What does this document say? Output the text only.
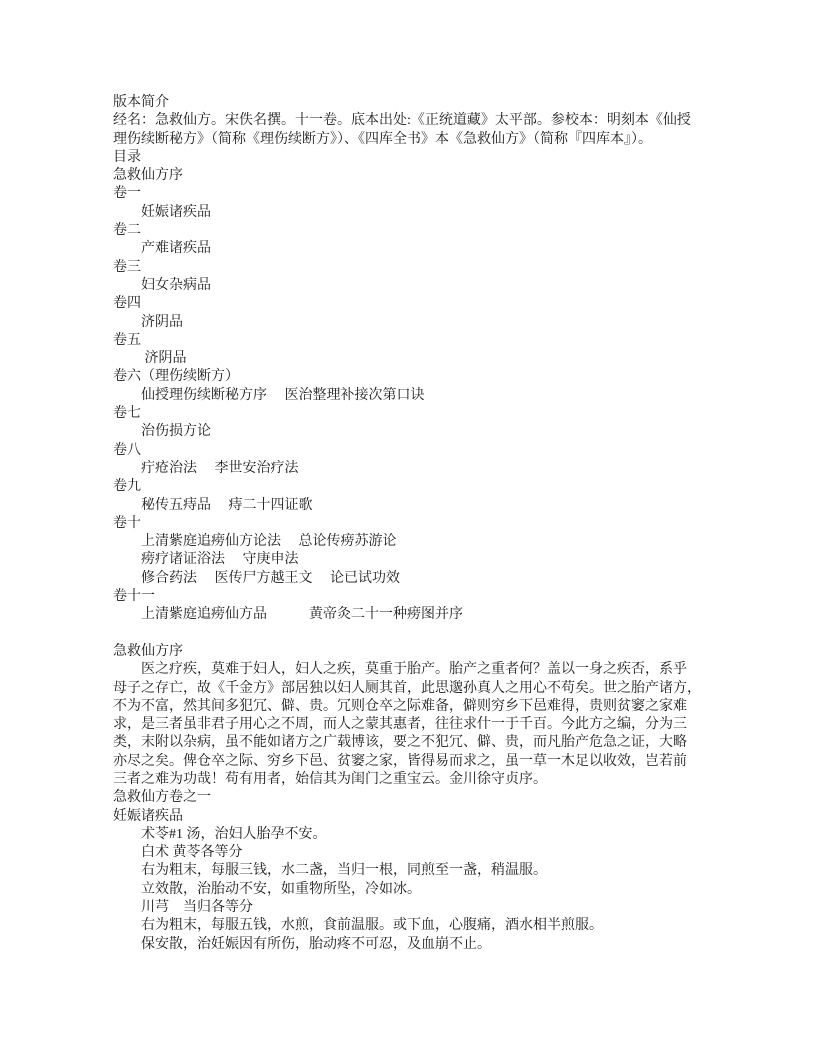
版本简介
经名：急救仙方。宋佚名撰。十一卷。底本出处:《正统道藏》太平部。参校本：明刻本《仙授
理伤续断秘方》（简称《理伤续断方》）、《四库全书》本《急救仙方》（简称『四库本』）。
目录
急救仙方序
卷一
　　妊娠诸疾品
卷二
　　产难诸疾品
卷三
　　妇女杂病品
卷四
　　济阴品
卷五
　　 济阴品
卷六（理伤续断方）
　　仙授理伤续断秘方序　 医治整理补接次第口诀
卷七
　　治伤损方论
卷八
　　疔疮治法　 李世安治疗法
卷九
　　秘传五痔品　 痔二十四证歌
卷十
　　上清紫庭追痨仙方论法　 总论传痨苏游论
　　痨疗诸证浴法　 守庚申法
　　修合药法　 医传尸方越王文　 论已试功效
卷十一
　　上清紫庭追痨仙方品　　　黄帝灸二十一种痨图并序
急救仙方序
　　医之疗疾，莫难于妇人，妇人之疾，莫重于胎产。胎产之重者何？盖以一身之疾否，系乎
母子之存亡，故《千金方》部居独以妇人厕其首，此思邈孙真人之用心不苟矣。世之胎产诸方，
不为不富，然其间多犯冗、僻、贵。冗则仓卒之际难备，僻则穷乡下邑难得，贵则贫窭之家难
求，是三者虽非君子用心之不周，而人之蒙其惠者，往往求什一于千百。今此方之编，分为三
类，末附以杂病，虽不能如诸方之广载博该，要之不犯冗、僻、贵，而凡胎产危急之证，大略
亦尽之矣。俾仓卒之际、穷乡下邑、贫窭之家，皆得易而求之，虽一草一木足以收效，岂若前
三者之难为功哉！苟有用者，始信其为闺门之重宝云。金川徐守贞序。
急救仙方卷之一
妊娠诸疾品
　　术苓#1 汤，治妇人胎孕不安。
　　白术 黄苓各等分
　　右为粗末，每服三钱，水二盏，当归一根，同煎至一盏，稍温服。
　　立效散，治胎动不安，如重物所坠，冷如冰。
　　川芎　当归各等分
　　右为粗末，每服五钱，水煎，食前温服。或下血，心腹痛，酒水相半煎服。
　　保安散，治妊娠因有所伤，胎动疼不可忍，及血崩不止。
